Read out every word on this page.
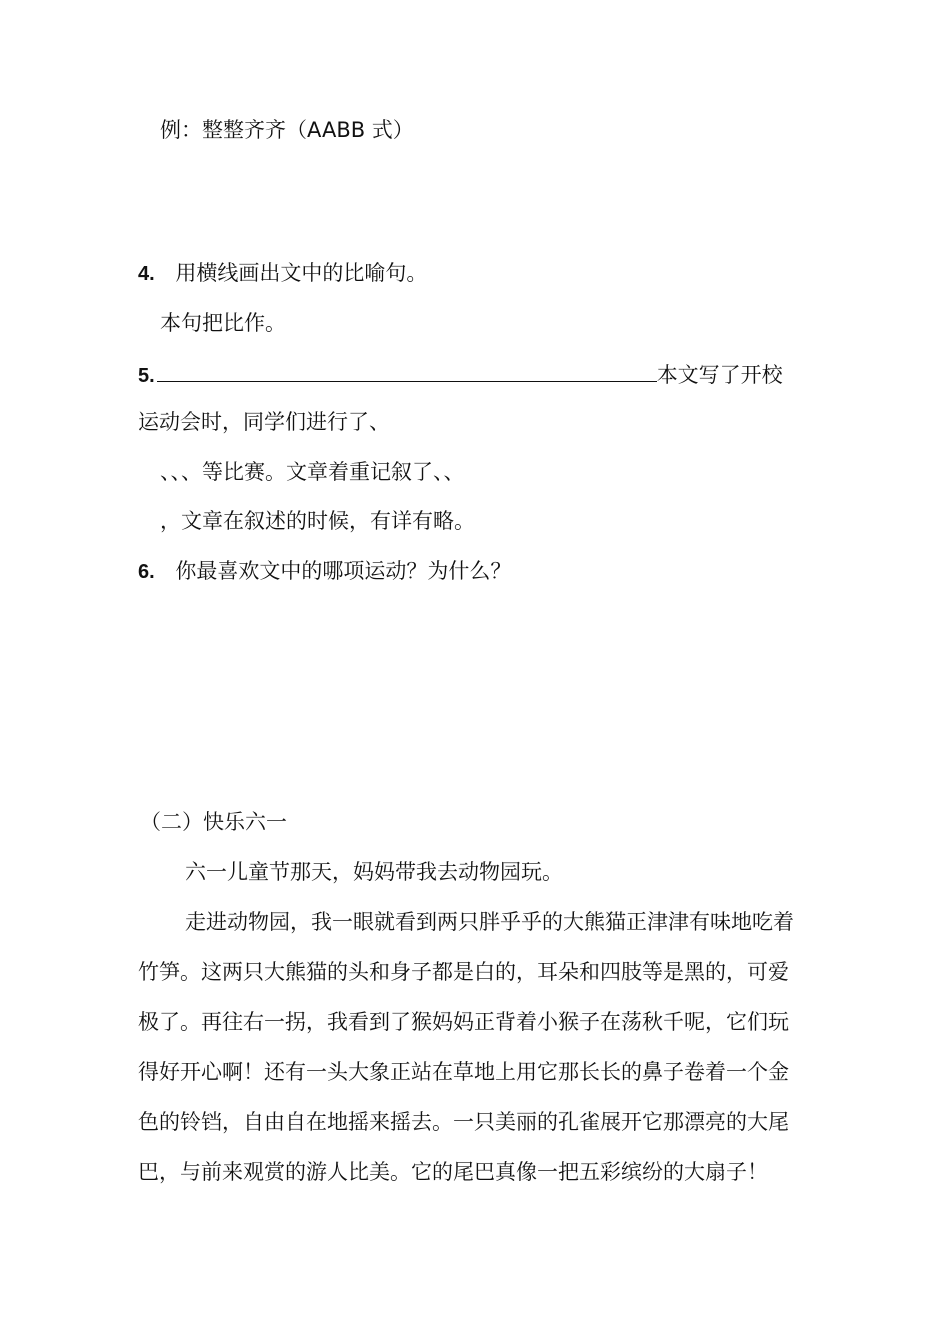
例：整整齐齐（AABB 式）
4. 用横线画出文中的比喻句。
本句把比作。
5.	本文写了开校
运动会时，同学们进行了、
、、、等比赛。文章着重记叙了、、
，文章在叙述的时候，有详有略。
6. 你最喜欢文中的哪项运动？为什么？
（二）快乐六一
六一儿童节那天，妈妈带我去动物园玩。
走进动物园，我一眼就看到两只胖乎乎的大熊猫正津津有味地吃着
竹笋。这两只大熊猫的头和身子都是白的，耳朵和四肢等是黑的，可爱
极了。再往右一拐，我看到了猴妈妈正背着小猴子在荡秋千呢，它们玩
得好开心啊！还有一头大象正站在草地上用它那长长的鼻子卷着一个金
色的铃铛，自由自在地摇来摇去。一只美丽的孔雀展开它那漂亮的大尾
巴，与前来观赏的游人比美。它的尾巴真像一把五彩缤纷的大扇子！
